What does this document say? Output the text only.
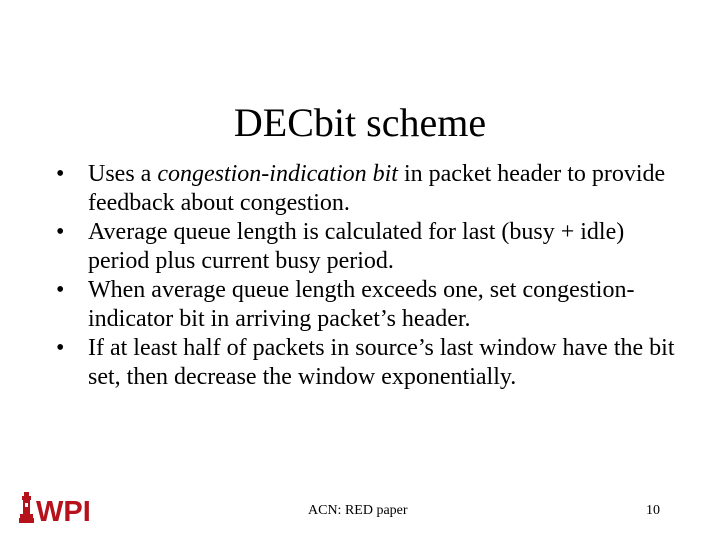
DECbit scheme
• Uses a congestion-indication bit in packet header to provide feedback about congestion.
• Average queue length is calculated for last (busy + idle) period plus current busy period.
• When average queue length exceeds one, set congestion-indicator bit in arriving packet’s header.
• If at least half of packets in source’s last window have the bit set, then decrease the window exponentially.
WPI	ACN: RED paper	10
